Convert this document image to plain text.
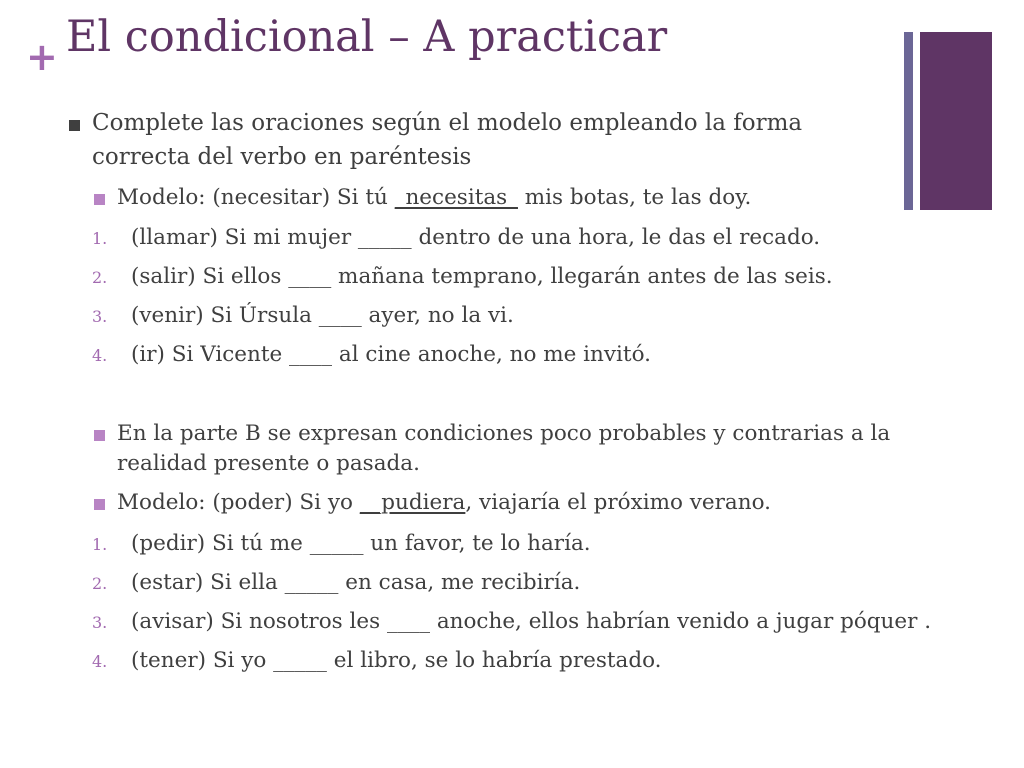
+ El condicional – A practicar
Complete las oraciones según el modelo empleando la forma
correcta del verbo en paréntesis
Modelo: (necesitar) Si tú _necesitas_ mis botas, te las doy.
1. (llamar) Si mi mujer _____ dentro de una hora, le das el recado.
2. (salir) Si ellos ____ mañana temprano, llegarán antes de las seis.
3. (venir) Si Úrsula ____ ayer, no la vi.
4. (ir) Si Vicente ____ al cine anoche, no me invitó.
En la parte B se expresan condiciones poco probables y contrarias a la
realidad presente o pasada.
Modelo: (poder) Si yo __pudiera, viajaría el próximo verano.
1. (pedir) Si tú me _____ un favor, te lo haría.
2. (estar) Si ella _____ en casa, me recibiría.
3. (avisar) Si nosotros les ____ anoche, ellos habrían venido a jugar póquer .
4. (tener) Si yo _____ el libro, se lo habría prestado.
